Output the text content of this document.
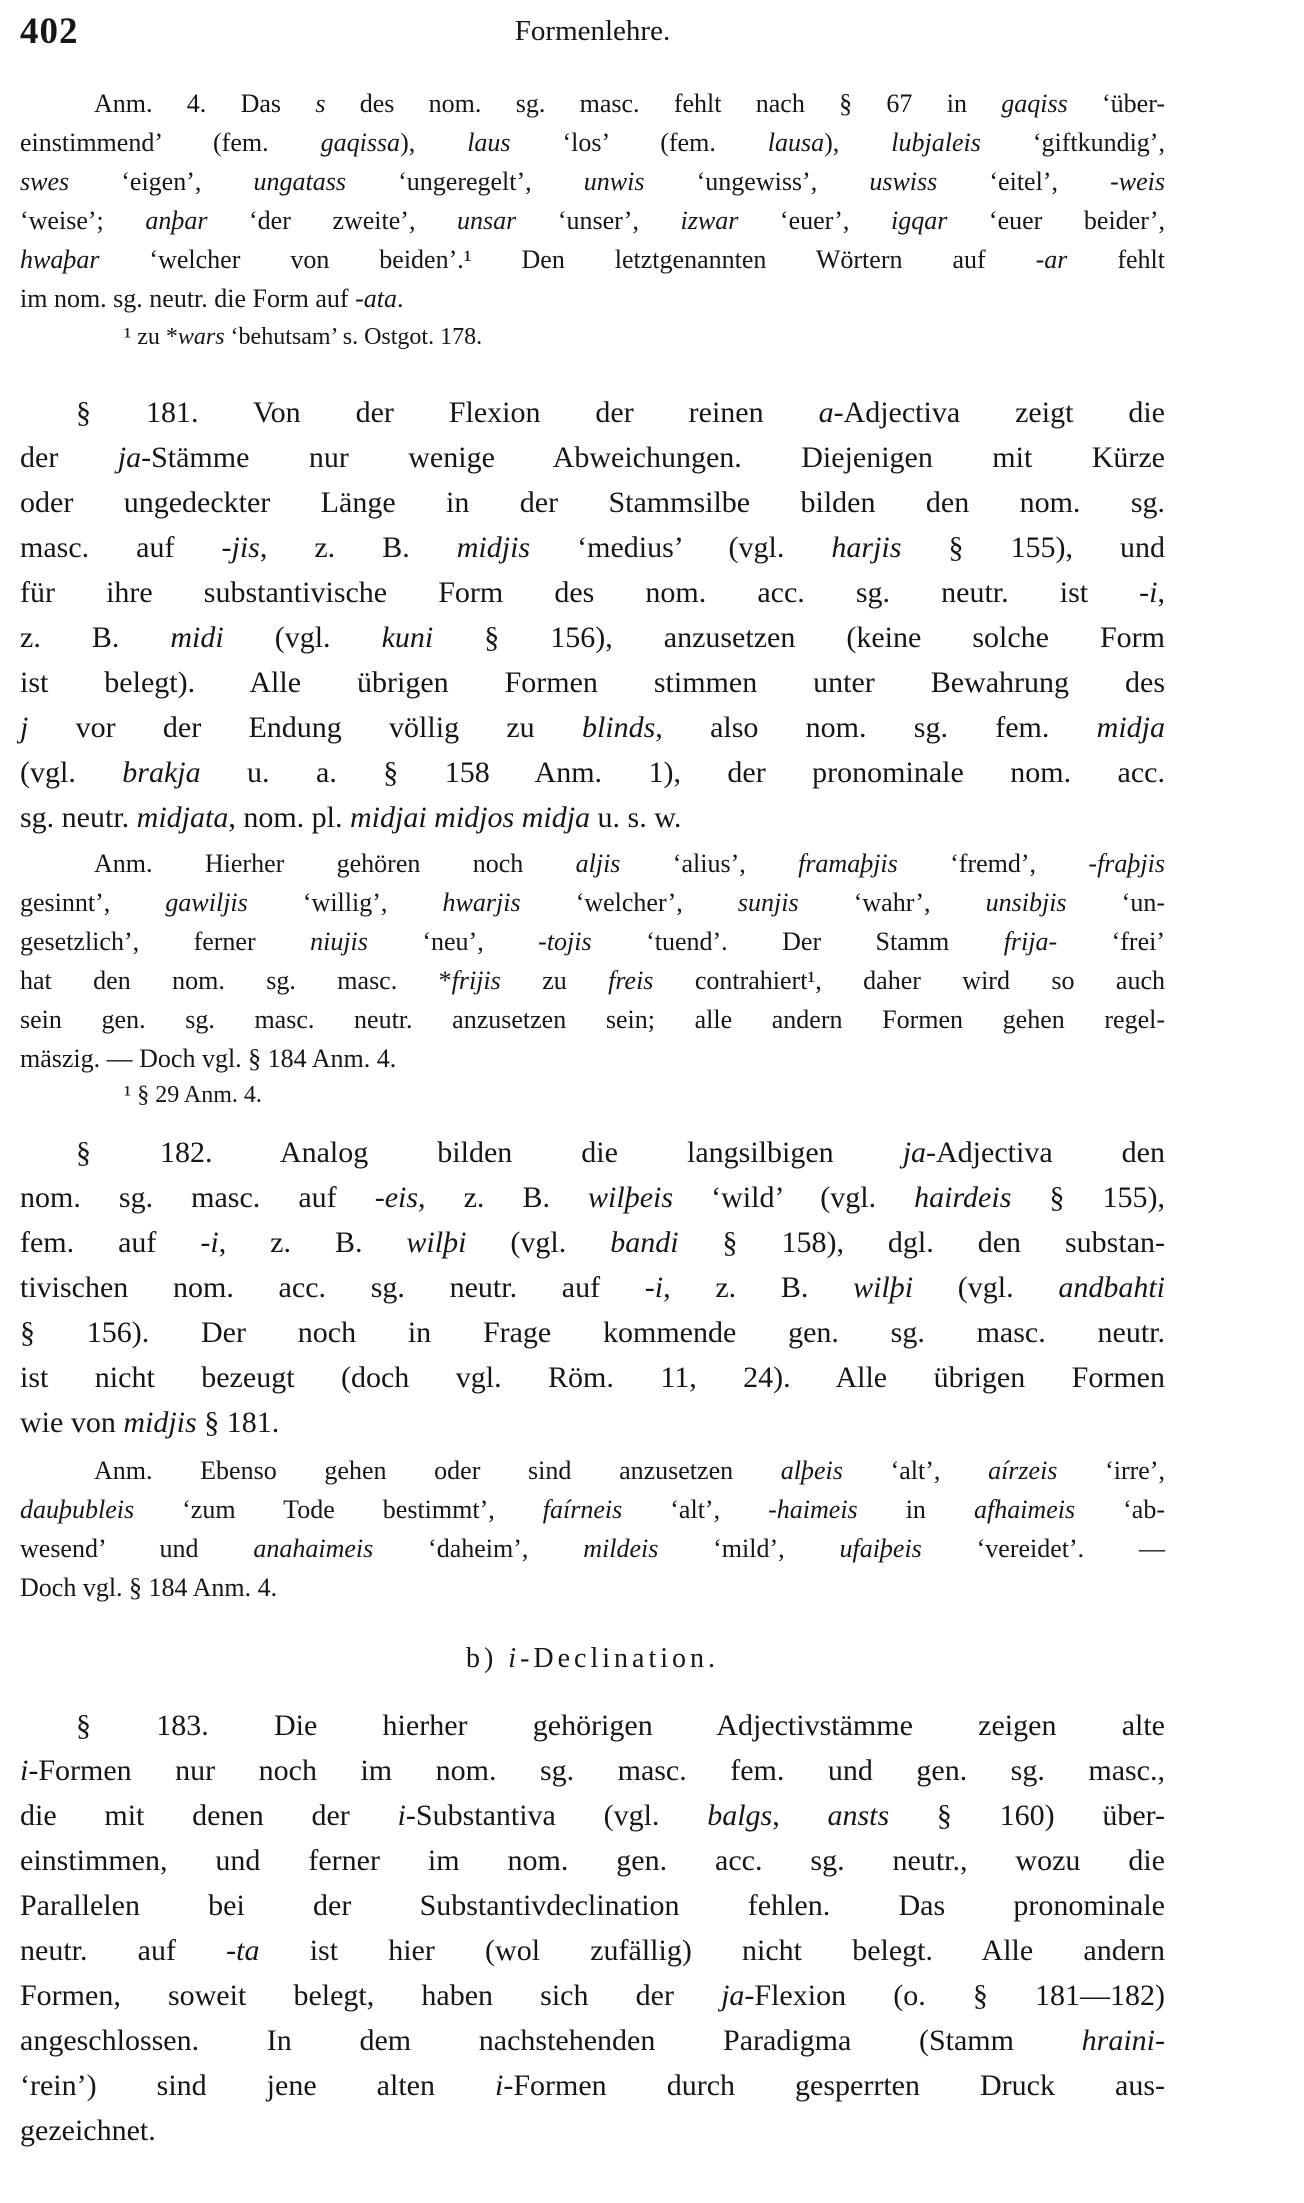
402	Formenlehre.
Anm. 4. Das s des nom. sg. masc. fehlt nach § 67 in gaqiss ‘über-
einstimmend’ (fem. gaqissa), laus ‘los’ (fem. lausa), lubjaleis ‘giftkundig’,
swes ‘eigen’, ungatass ‘ungeregelt’, unwis ‘ungewiss’, uswiss ‘eitel’, -weis
‘weise’; anþar ‘der zweite’, unsar ‘unser’, izwar ‘euer’, igqar ‘euer beider’,
hwaþar ‘welcher von beiden’.¹ Den letztgenannten Wörtern auf -ar fehlt
im nom. sg. neutr. die Form auf -ata.
¹ zu *wars ‘behutsam’ s. Ostgot. 178.
§ 181. Von der Flexion der reinen a-Adjectiva zeigt die
der ja-Stämme nur wenige Abweichungen. Diejenigen mit Kürze
oder ungedeckter Länge in der Stammsilbe bilden den nom. sg.
masc. auf -jis, z. B. midjis ‘medius’ (vgl. harjis § 155), und
für ihre substantivische Form des nom. acc. sg. neutr. ist -i,
z. B. midi (vgl. kuni § 156), anzusetzen (keine solche Form
ist belegt). Alle übrigen Formen stimmen unter Bewahrung des
j vor der Endung völlig zu blinds, also nom. sg. fem. midja
(vgl. brakja u. a. § 158 Anm. 1), der pronominale nom. acc.
sg. neutr. midjata, nom. pl. midjai midjos midja u. s. w.
Anm. Hierher gehören noch aljis ‘alius’, framaþjis ‘fremd’, -fraþjis
gesinnt’, gawiljis ‘willig’, hwarjis ‘welcher’, sunjis ‘wahr’, unsibjis ‘un-
gesetzlich’, ferner niujis ‘neu’, -tojis ‘tuend’. Der Stamm frija- ‘frei’
hat den nom. sg. masc. *frijis zu freis contrahiert¹, daher wird so auch
sein gen. sg. masc. neutr. anzusetzen sein; alle andern Formen gehen regel-
mäszig. — Doch vgl. § 184 Anm. 4.
¹ § 29 Anm. 4.
§ 182. Analog bilden die langsilbigen ja-Adjectiva den
nom. sg. masc. auf -eis, z. B. wilþeis ‘wild’ (vgl. hairdeis § 155),
fem. auf -i, z. B. wilþi (vgl. bandi § 158), dgl. den substan-
tivischen nom. acc. sg. neutr. auf -i, z. B. wilþi (vgl. andbahti
§ 156). Der noch in Frage kommende gen. sg. masc. neutr.
ist nicht bezeugt (doch vgl. Röm. 11, 24). Alle übrigen Formen
wie von midjis § 181.
Anm. Ebenso gehen oder sind anzusetzen alþeis ‘alt’, aírzeis ‘irre’,
dauþubleis ‘zum Tode bestimmt’, faírneis ‘alt’, -haimeis in afhaimeis ‘ab-
wesend’ und anahaimeis ‘daheim’, mildeis ‘mild’, ufaiþeis ‘vereidet’. —
Doch vgl. § 184 Anm. 4.
b) i-Declination.
§ 183. Die hierher gehörigen Adjectivstämme zeigen alte
i-Formen nur noch im nom. sg. masc. fem. und gen. sg. masc.,
die mit denen der i-Substantiva (vgl. balgs, ansts § 160) über-
einstimmen, und ferner im nom. gen. acc. sg. neutr., wozu die
Parallelen bei der Substantivdeclination fehlen. Das pronominale
neutr. auf -ta ist hier (wol zufällig) nicht belegt. Alle andern
Formen, soweit belegt, haben sich der ja-Flexion (o. § 181—182)
angeschlossen. In dem nachstehenden Paradigma (Stamm hraini-
‘rein’) sind jene alten i-Formen durch gesperrten Druck aus-
gezeichnet.
